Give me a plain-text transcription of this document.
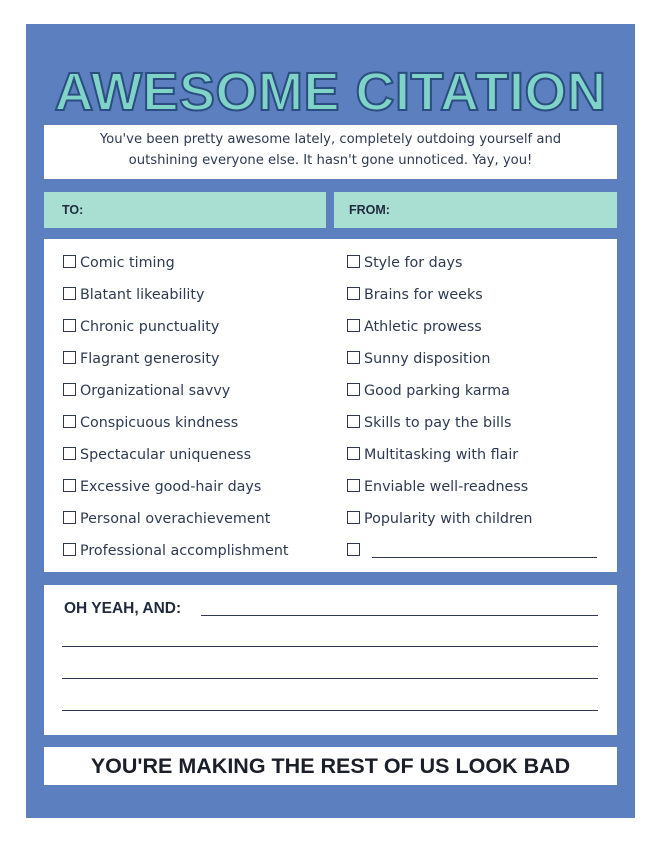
AWESOME CITATION
You've been pretty awesome lately, completely outdoing yourself and outshining everyone else. It hasn't gone unnoticed. Yay, you!
TO:	FROM:
Comic timing
Blatant likeability
Chronic punctuality
Flagrant generosity
Organizational savvy
Conspicuous kindness
Spectacular uniqueness
Excessive good-hair days
Personal overachievement
Professional accomplishment
Style for days
Brains for weeks
Athletic prowess
Sunny disposition
Good parking karma
Skills to pay the bills
Multitasking with flair
Enviable well-readness
Popularity with children
OH YEAH, AND:
YOU'RE MAKING THE REST OF US LOOK BAD
